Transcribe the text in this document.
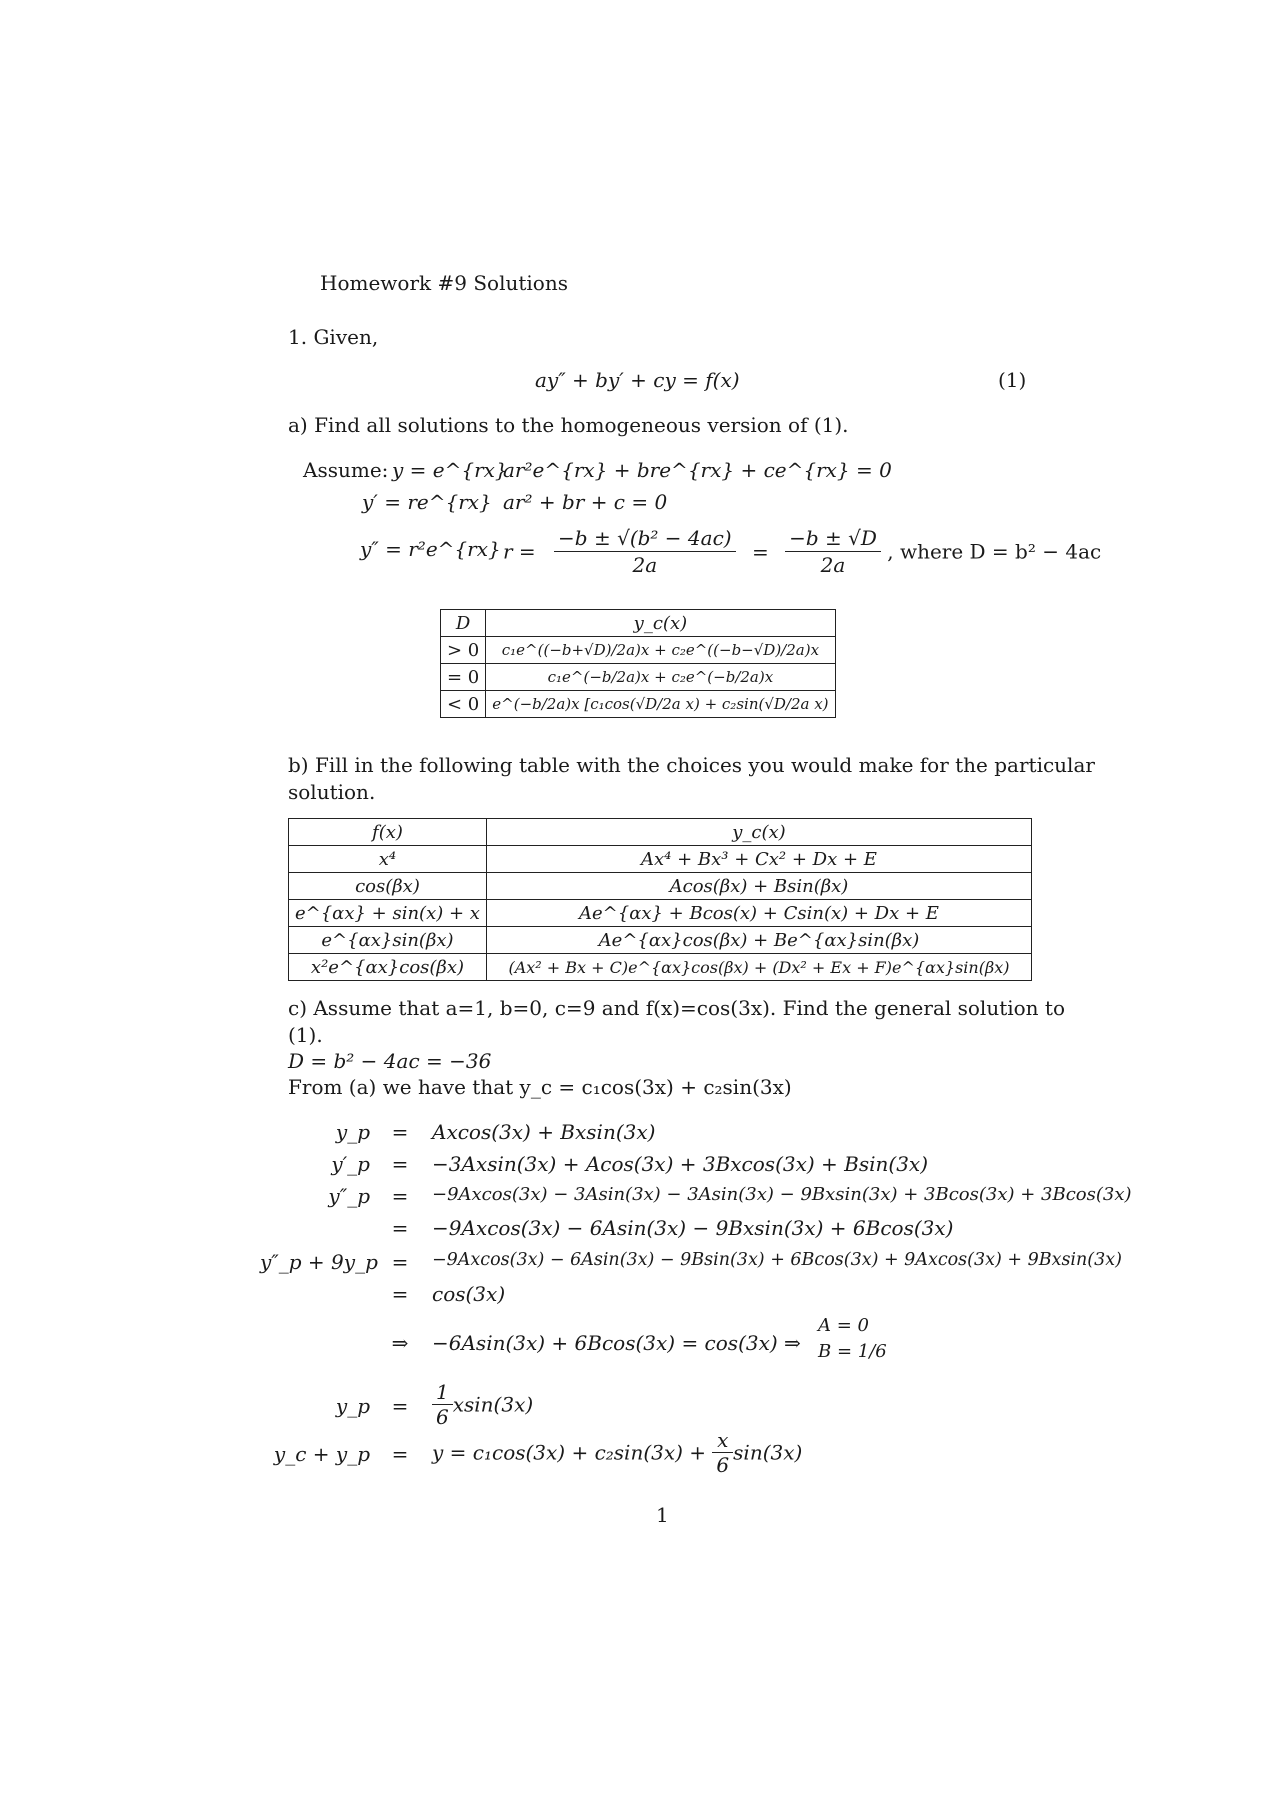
Homework #9 Solutions
1. Given,
ay″ + by′ + cy = f(x)	(1)
a) Find all solutions to the homogeneous version of (1).
Assume: y = e^{rx}
y′ = re^{rx}
y″ = r²e^{rx}
ar²e^{rx} + bre^{rx} + ce^{rx} = 0
ar² + br + c = 0
$r = \frac{\text{−b ± √(b² − 4ac)}}{2a} = \frac{-b \pm √D}{2a}$ , where D = b² − 4ac
D	y_c(x)
> 0	c₁e^((−b+√D)/2a)x + c₂e^((−b−√D)/2a)x
= 0	c₁e^(−b/2a)x + c₂e^(−b/2a)x
< 0	e^(−b/2a)x [c₁cos(√D/2a x) + c₂sin(√D/2a x)
b) Fill in the following table with the choices you would make for the particular
solution.
f(x)	y_c(x)
x⁴	Ax⁴ + Bx³ + Cx² + Dx + E
cos(βx)	Acos(βx) + Bsin(βx)
e^{αx} + sin(x) + x	Ae^{αx} + Bcos(x) + Csin(x) + Dx + E
e^{αx}sin(βx)	Ae^{αx}cos(βx) + Be^{αx}sin(βx)
x²e^{αx}cos(βx)	(Ax² + Bx + C)e^{αx}cos(βx) + (Dx² + Ex + F)e^{αx}sin(βx)
c) Assume that a=1, b=0, c=9 and f(x)=cos(3x). Find the general solution to
(1).
D = b² − 4ac = −36
From (a) we have that y_c = c₁cos(3x) + c₂sin(3x)
y_p	=	Axcos(3x) + Bxsin(3x)
y′_p	=	−3Axsin(3x) + Acos(3x) + 3Bxcos(3x) + Bsin(3x)
y″_p	=	−9Axcos(3x) − 3Asin(3x) − 3Asin(3x) − 9Bxsin(3x) + 3Bcos(3x) + 3Bcos(3x)
=	−9Axcos(3x) − 6Asin(3x) − 9Bxsin(3x) + 6Bcos(3x)
y″_p + 9y_p =	−9Axcos(3x) − 6Asin(3x) − 9Bsin(3x) + 6Bcos(3x) + 9Axcos(3x) + 9Bxsin(3x)
=	cos(3x)
⇒	−6Asin(3x) + 6Bcos(3x) = cos(3x) ⇒
A = 0
B = 1/6
y_p	=	$\frac{1}{6} xsin(3x)$
y_c + y_p	=	$y = c_1\cos(3x) + c_2\sin(3x) + \frac{x}{6} \sin(3x)$
1
